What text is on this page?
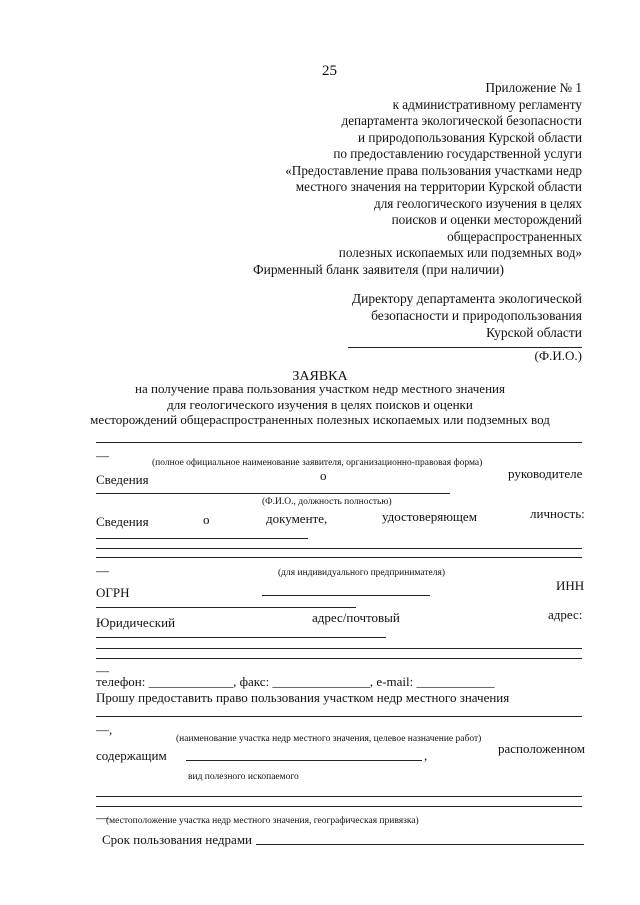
25
Приложение № 1
к административному регламенту
департамента экологической безопасности
и природопользования Курской области
по предоставлению государственной услуги
«Предоставление права пользования участками недр
местного значения на территории Курской области
для геологического изучения в целях
поисков и оценки месторождений
общераспространенных
полезных ископаемых или подземных вод»
Фирменный бланк заявителя (при наличии)
Директору департамента экологической
безопасности и природопользования
Курской области
(Ф.И.О.)
ЗАЯВКА
на получение права пользования участком недр местного значения
для геологического изучения в целях поисков и оценки
месторождений общераспространенных полезных ископаемых или подземных вод
—	(полное официальное наименование заявителя, организационно-правовая форма)
Сведения	о	руководителе
(Ф.И.О., должность полностью)
Сведения	о	документе,	удостоверяющем	личность:
—	(для индивидуального предпринимателя)
ОГРН	ИНН
Юридический	адрес/почтовый	адрес:
—
телефон: _____________, факс: _______________, e-mail: ____________
Прошу предоставить право пользования участком недр местного значения
—,
(наименование участка недр местного значения, целевое назначение работ)
содержащим	,	расположенном
вид полезного ископаемого
—
(местоположение участка недр местного значения, географическая привязка)
Срок пользования недрами
